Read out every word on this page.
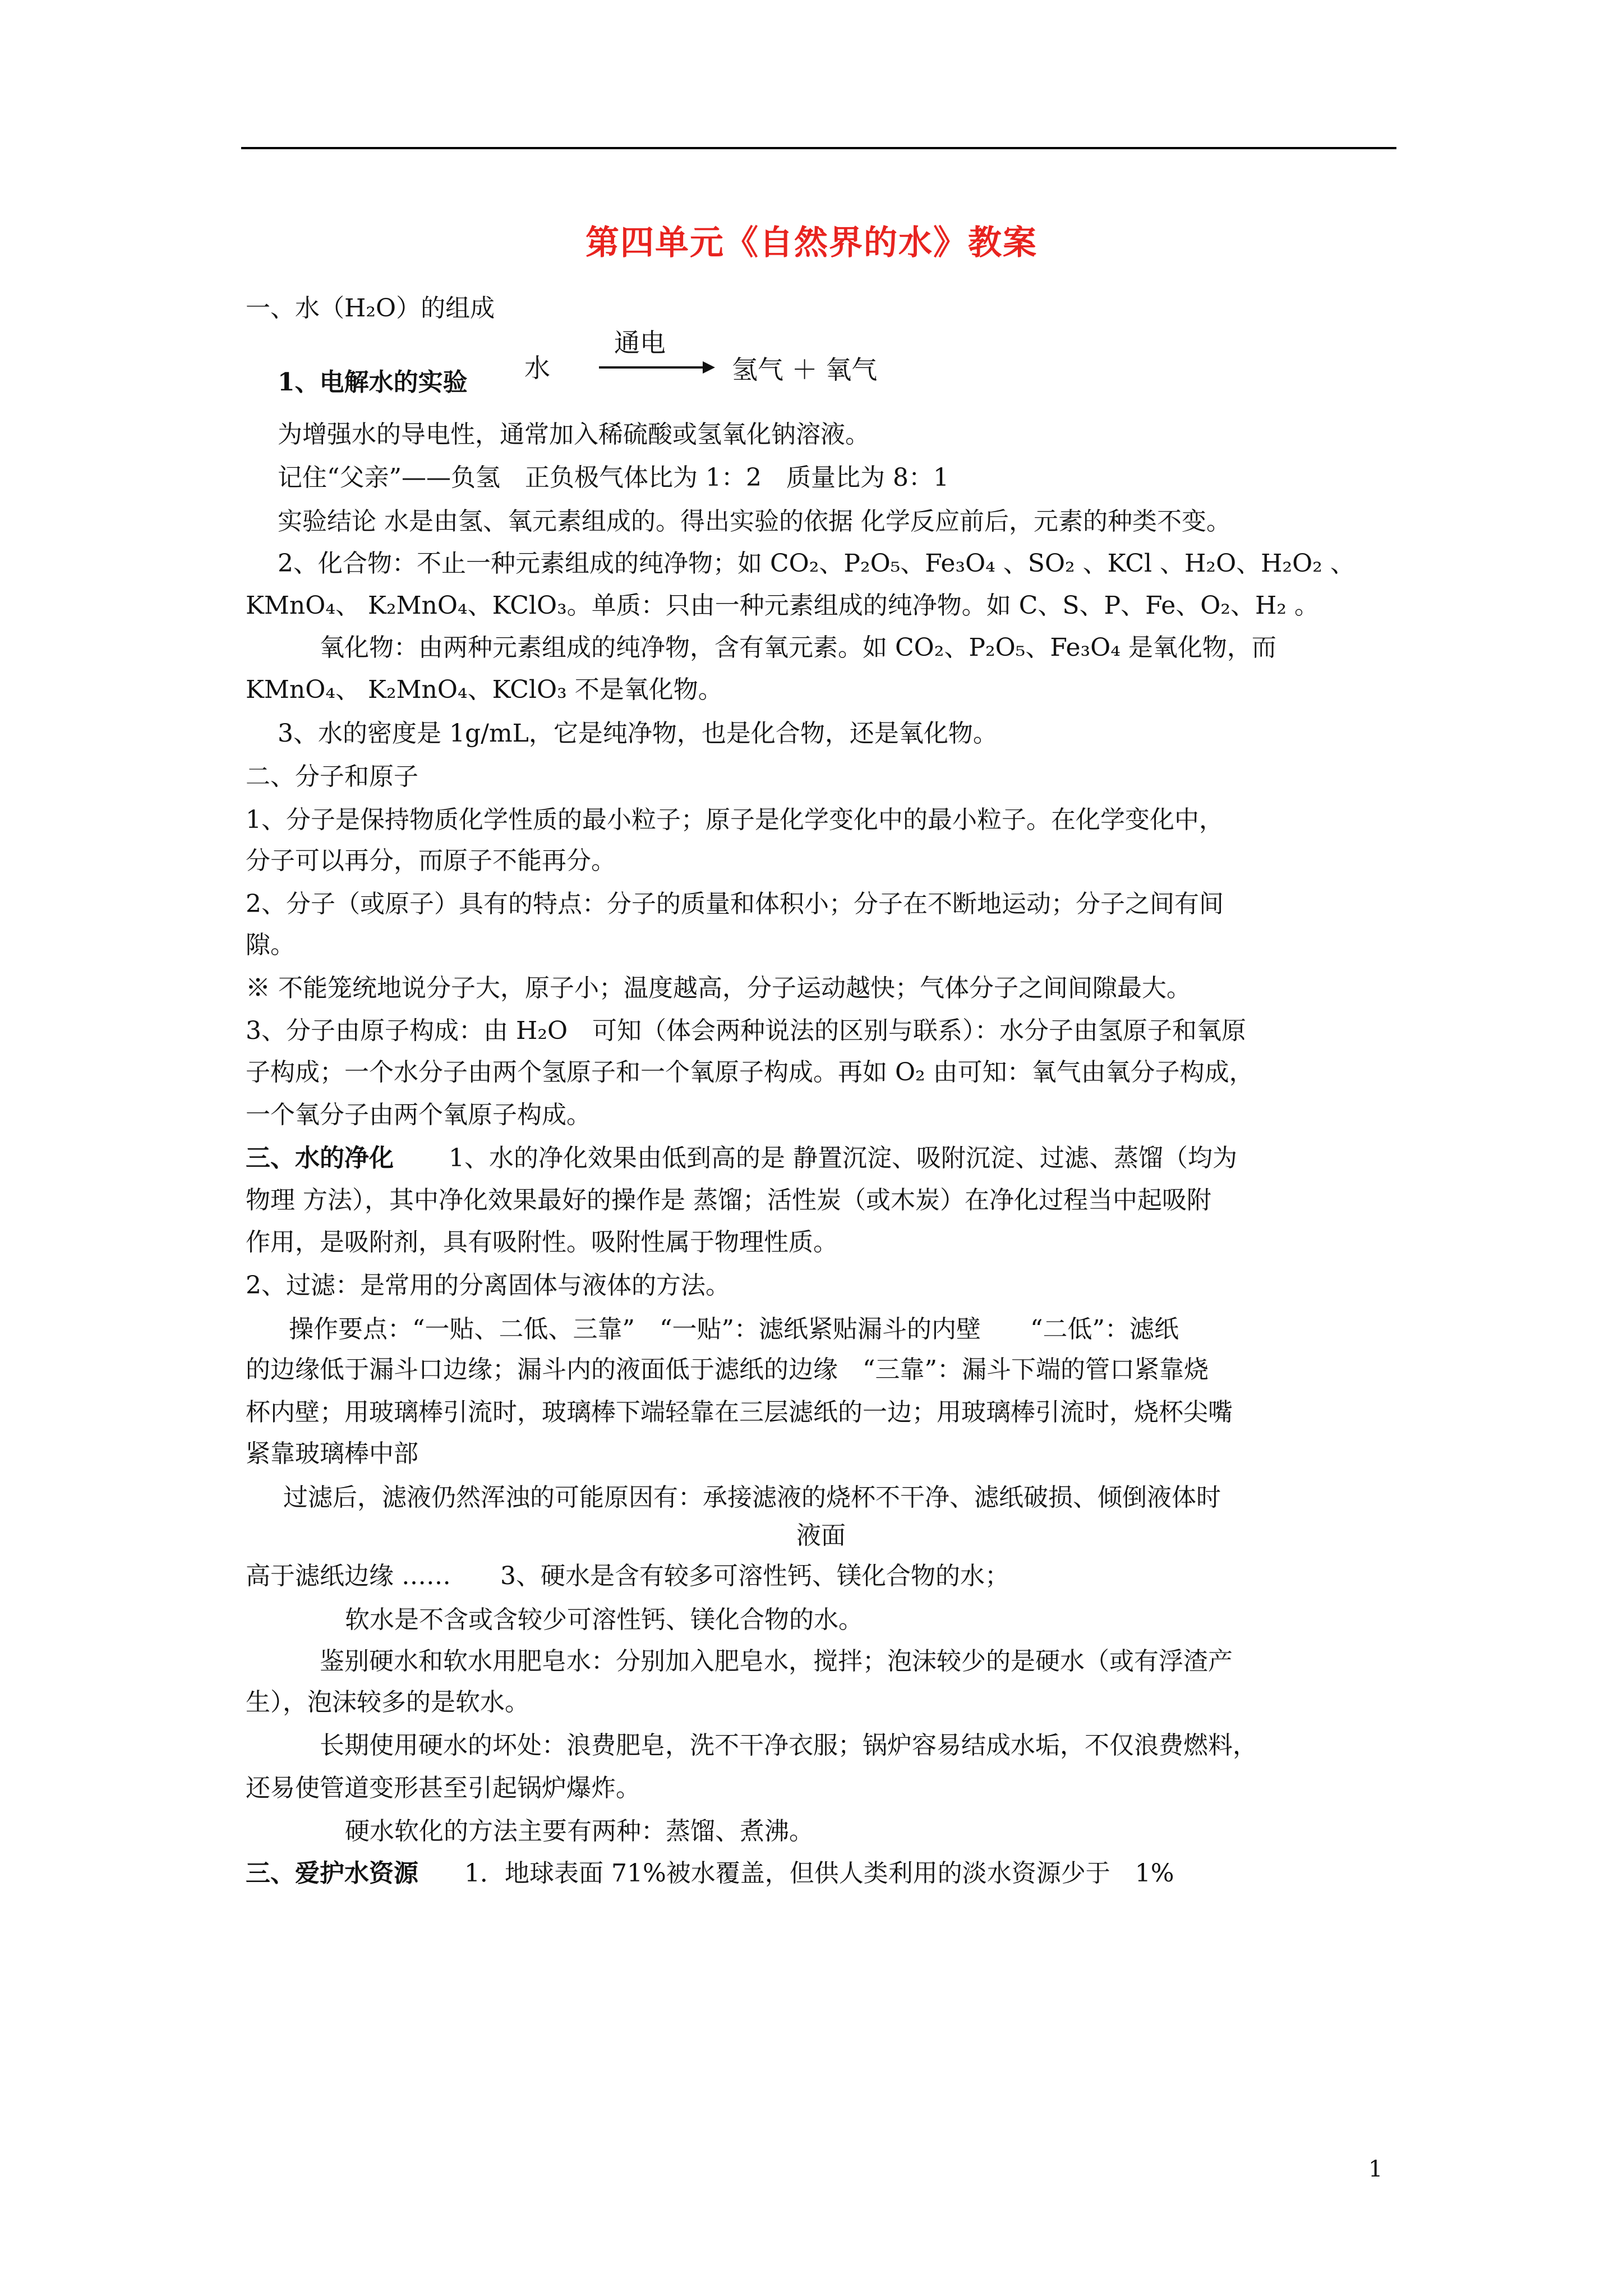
第四单元《自然界的水》教案
一、水（H₂O）的组成
1、电解水的实验 水
通电
氢气 ＋ 氧气
为增强水的导电性，通常加入稀硫酸或氢氧化钠溶液。
记住“父亲”——负氢　正负极气体比为 1：2　质量比为 8：1
实验结论 水是由氢、氧元素组成的。得出实验的依据 化学反应前后，元素的种类不变。
2、化合物：不止一种元素组成的纯净物；如 CO₂、P₂O₅、Fe₃O₄ 、SO₂ 、KCl 、H₂O、H₂O₂ 、
KMnO₄、 K₂MnO₄、KClO₃。单质：只由一种元素组成的纯净物。如 C、S、P、Fe、O₂、H₂ 。
氧化物：由两种元素组成的纯净物，含有氧元素。如 CO₂、P₂O₅、Fe₃O₄ 是氧化物，而
KMnO₄、 K₂MnO₄、KClO₃ 不是氧化物。
3、水的密度是 1g/mL，它是纯净物，也是化合物，还是氧化物。
二、分子和原子
1、分子是保持物质化学性质的最小粒子；原子是化学变化中的最小粒子。在化学变化中，
分子可以再分，而原子不能再分。
2、分子（或原子）具有的特点：分子的质量和体积小；分子在不断地运动；分子之间有间
隙。
※ 不能笼统地说分子大，原子小；温度越高，分子运动越快；气体分子之间间隙最大。
3、分子由原子构成：由 H₂O　可知（体会两种说法的区别与联系）：水分子由氢原子和氧原
子构成；一个水分子由两个氢原子和一个氧原子构成。再如 O₂ 由可知：氧气由氧分子构成，
一个氧分子由两个氧原子构成。
三、水的净化 1、水的净化效果由低到高的是 静置沉淀、吸附沉淀、过滤、蒸馏（均为
物理 方法），其中净化效果最好的操作是 蒸馏；活性炭（或木炭）在净化过程当中起吸附
作用，是吸附剂，具有吸附性。吸附性属于物理性质。
2、过滤：是常用的分离固体与液体的方法。
操作要点：“一贴、二低、三靠”　“一贴”：滤纸紧贴漏斗的内壁　　“二低”：滤纸
的边缘低于漏斗口边缘；漏斗内的液面低于滤纸的边缘　“三靠”：漏斗下端的管口紧靠烧
杯内壁；用玻璃棒引流时，玻璃棒下端轻靠在三层滤纸的一边；用玻璃棒引流时，烧杯尖嘴
紧靠玻璃棒中部
过滤后，滤液仍然浑浊的可能原因有：承接滤液的烧杯不干净、滤纸破损、倾倒液体时
液面
高于滤纸边缘 ……　　3、硬水是含有较多可溶性钙、镁化合物的水；
软水是不含或含较少可溶性钙、镁化合物的水。
鉴别硬水和软水用肥皂水：分别加入肥皂水，搅拌；泡沫较少的是硬水（或有浮渣产
生），泡沫较多的是软水。
长期使用硬水的坏处：浪费肥皂，洗不干净衣服；锅炉容易结成水垢，不仅浪费燃料，
还易使管道变形甚至引起锅炉爆炸。
硬水软化的方法主要有两种：蒸馏、煮沸。
三、爱护水资源 1．地球表面 71%被水覆盖，但供人类利用的淡水资源少于　1%
1
